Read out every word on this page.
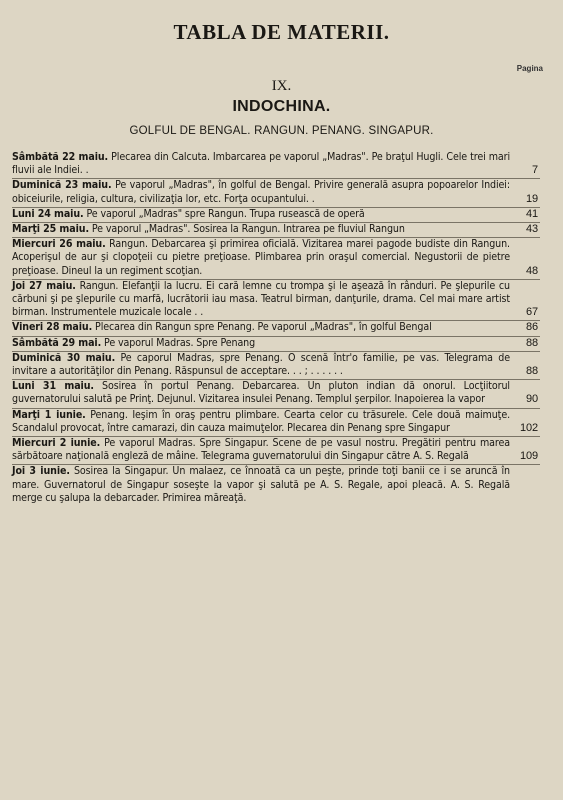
TABLA DE MATERII.
Pagina
IX.
INDOCHINA.
GOLFUL DE BENGAL. RANGUN. PENANG. SINGAPUR.
Sâmbătă 22 maiu. Plecarea din Calcuta. Imbarcarea pe vaporul „Madras". Pe braţul Hugli. Cele trei mari fluvii ale Indiei. .	7
Duminică 23 maiu. Pe vaporul „Madras", în golful de Bengal. Privire generală asupra popoarelor Indiei: obiceiurile, religia, cultura, civilizaţia lor, etc. Forţa ocupantului. .	19
Luni 24 maiu. Pe vaporul „Madras" spre Rangun. Trupa rusească de operă	41
Marţi 25 maiu. Pe vaporul „Madras". Sosirea la Rangun. Intrarea pe fluviul Rangun	43
Miercuri 26 maiu. Rangun. Debarcarea şi primirea oficială. Vizitarea marei pagode budiste din Rangun. Acoperişul de aur şi clopoţeii cu pietre preţioase. Plimbarea prin oraşul comercial. Negustorii de pietre preţioase. Dineul la un regiment scoţian.	48
Joi 27 maiu. Rangun. Elefanţii la lucru. Ei cară lemne cu trompa şi le aşează în rânduri. Pe şlepurile cu cărbuni şi pe şlepurile cu marfă, lucrătorii iau masa. Teatrul birman, danţurile, drama. Cel mai mare artist birman. Instrumentele muzicale locale . .	67
Vineri 28 maiu. Plecarea din Rangun spre Penang. Pe vaporul „Madras", în golful Bengal	86
Sâmbătă 29 mai. Pe vaporul Madras. Spre Penang	88
Duminică 30 maiu. Pe caporul Madras, spre Penang. O scenă într'o familie, pe vas. Telegrama de invitare a autorităţilor din Penang. Răspunsul de acceptare. . . ; . . . . . .	88
Luni 31 maiu. Sosirea în portul Penang. Debarcarea. Un pluton indian dă onorul. Locţiitorul guvernatorului salută pe Prinţ. Dejunul. Vizitarea insulei Penang. Templul şerpilor. Inapoierea la vapor	90
Marţi 1 iunie. Penang. Ieşim în oraş pentru plimbare. Cearta celor cu trăsurele. Cele două maimuţe. Scandalul provocat, între camarazi, din cauza maimuţelor. Plecarea din Penang spre Singapur	102
Miercuri 2 iunie. Pe vaporul Madras. Spre Singapur. Scene de pe vasul nostru. Pregătiri pentru marea sărbătoare naţională engleză de mâine. Telegrama guvernatorului din Singapur către A. S. Regală	109
Joi 3 iunie. Sosirea la Singapur. Un malaez, ce înnoată ca un peşte, prinde toţi banii ce i se aruncă în mare. Guvernatorul de Singapur soseşte la vapor şi salută pe A. S. Regale, apoi pleacă. A. S. Regală merge cu şalupa la debarcader. Primirea măreaţă.
